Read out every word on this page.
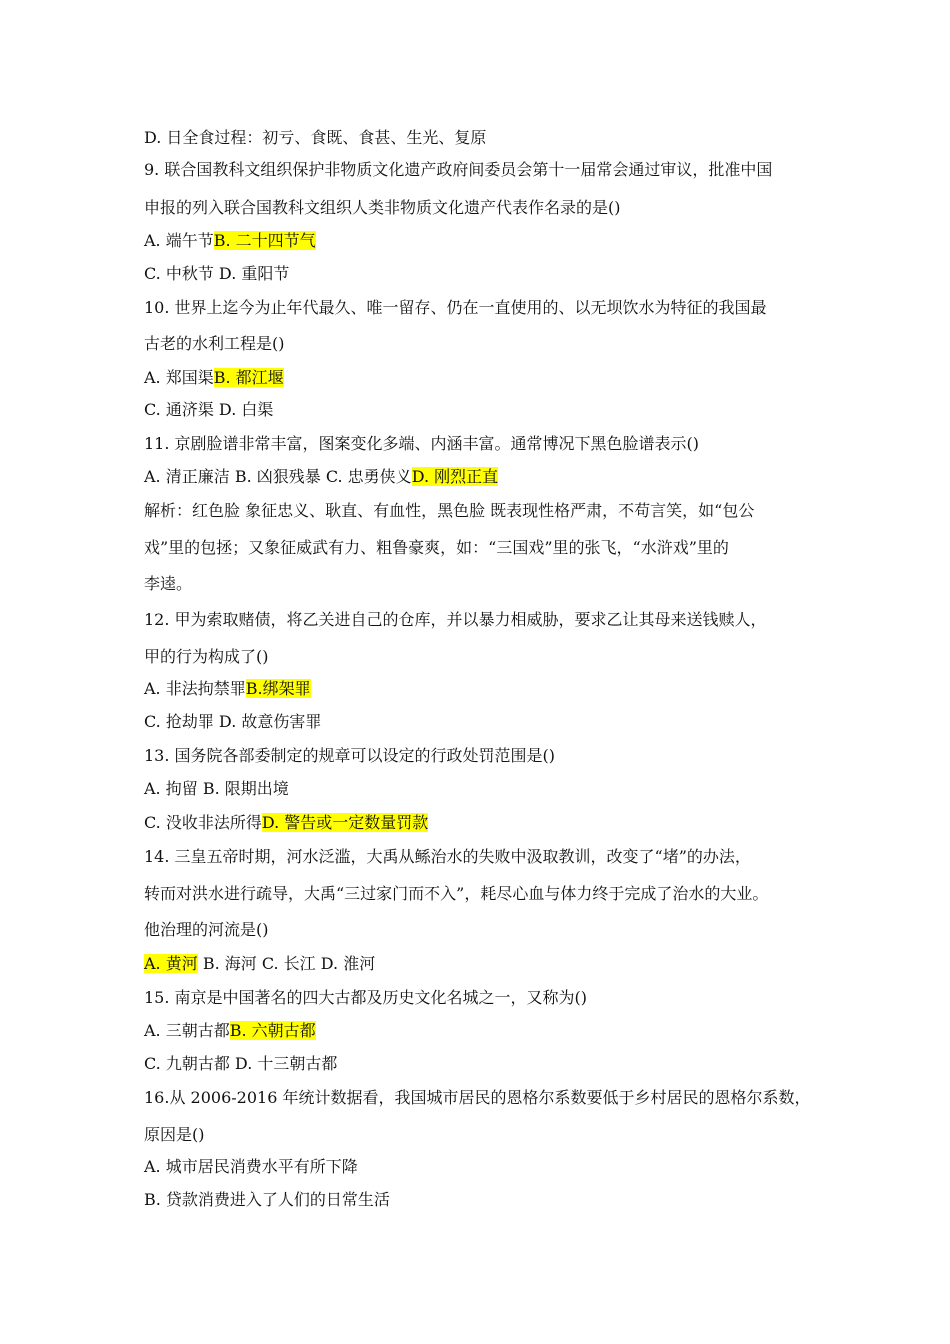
D. 日全食过程：初亏、食既、食甚、生光、复原
9. 联合国教科文组织保护非物质文化遗产政府间委员会第十一届常会通过审议，批准中国
申报的列入联合国教科文组织人类非物质文化遗产代表作名录的是()
A. 端午节B. 二十四节气
C. 中秋节 D. 重阳节
10. 世界上迄今为止年代最久、唯一留存、仍在一直使用的、以无坝饮水为特征的我国最
古老的水利工程是()
A. 郑国渠B. 都江堰
C. 通济渠 D. 白渠
11. 京剧脸谱非常丰富，图案变化多端、内涵丰富。通常博况下黑色脸谱表示()
A. 清正廉洁 B. 凶狠残暴 C. 忠勇侠义D. 刚烈正直
解析：红色脸 象征忠义、耿直、有血性，黑色脸 既表现性格严肃，不苟言笑，如“包公
戏”里的包拯；又象征威武有力、粗鲁豪爽，如：“三国戏”里的张飞，“水浒戏”里的
李逵。
12. 甲为索取赌债，将乙关进自己的仓库，并以暴力相威胁，要求乙让其母来送钱赎人，
甲的行为构成了()
A. 非法拘禁罪B.绑架罪
C. 抢劫罪 D. 故意伤害罪
13. 国务院各部委制定的规章可以设定的行政处罚范围是()
A. 拘留 B. 限期出境
C. 没收非法所得D. 警告或一定数量罚款
14. 三皇五帝时期，河水泛滥，大禹从鲧治水的失败中汲取教训，改变了“堵”的办法，
转而对洪水进行疏导，大禹“三过家门而不入”，耗尽心血与体力终于完成了治水的大业。
他治理的河流是()
A. 黄河 B. 海河 C. 长江 D. 淮河
15. 南京是中国著名的四大古都及历史文化名城之一，又称为()
A. 三朝古都B. 六朝古都
C. 九朝古都 D. 十三朝古都
16.从 2006-2016 年统计数据看，我国城市居民的恩格尔系数要低于乡村居民的恩格尔系数，
原因是()
A. 城市居民消费水平有所下降
B. 贷款消费进入了人们的日常生活
